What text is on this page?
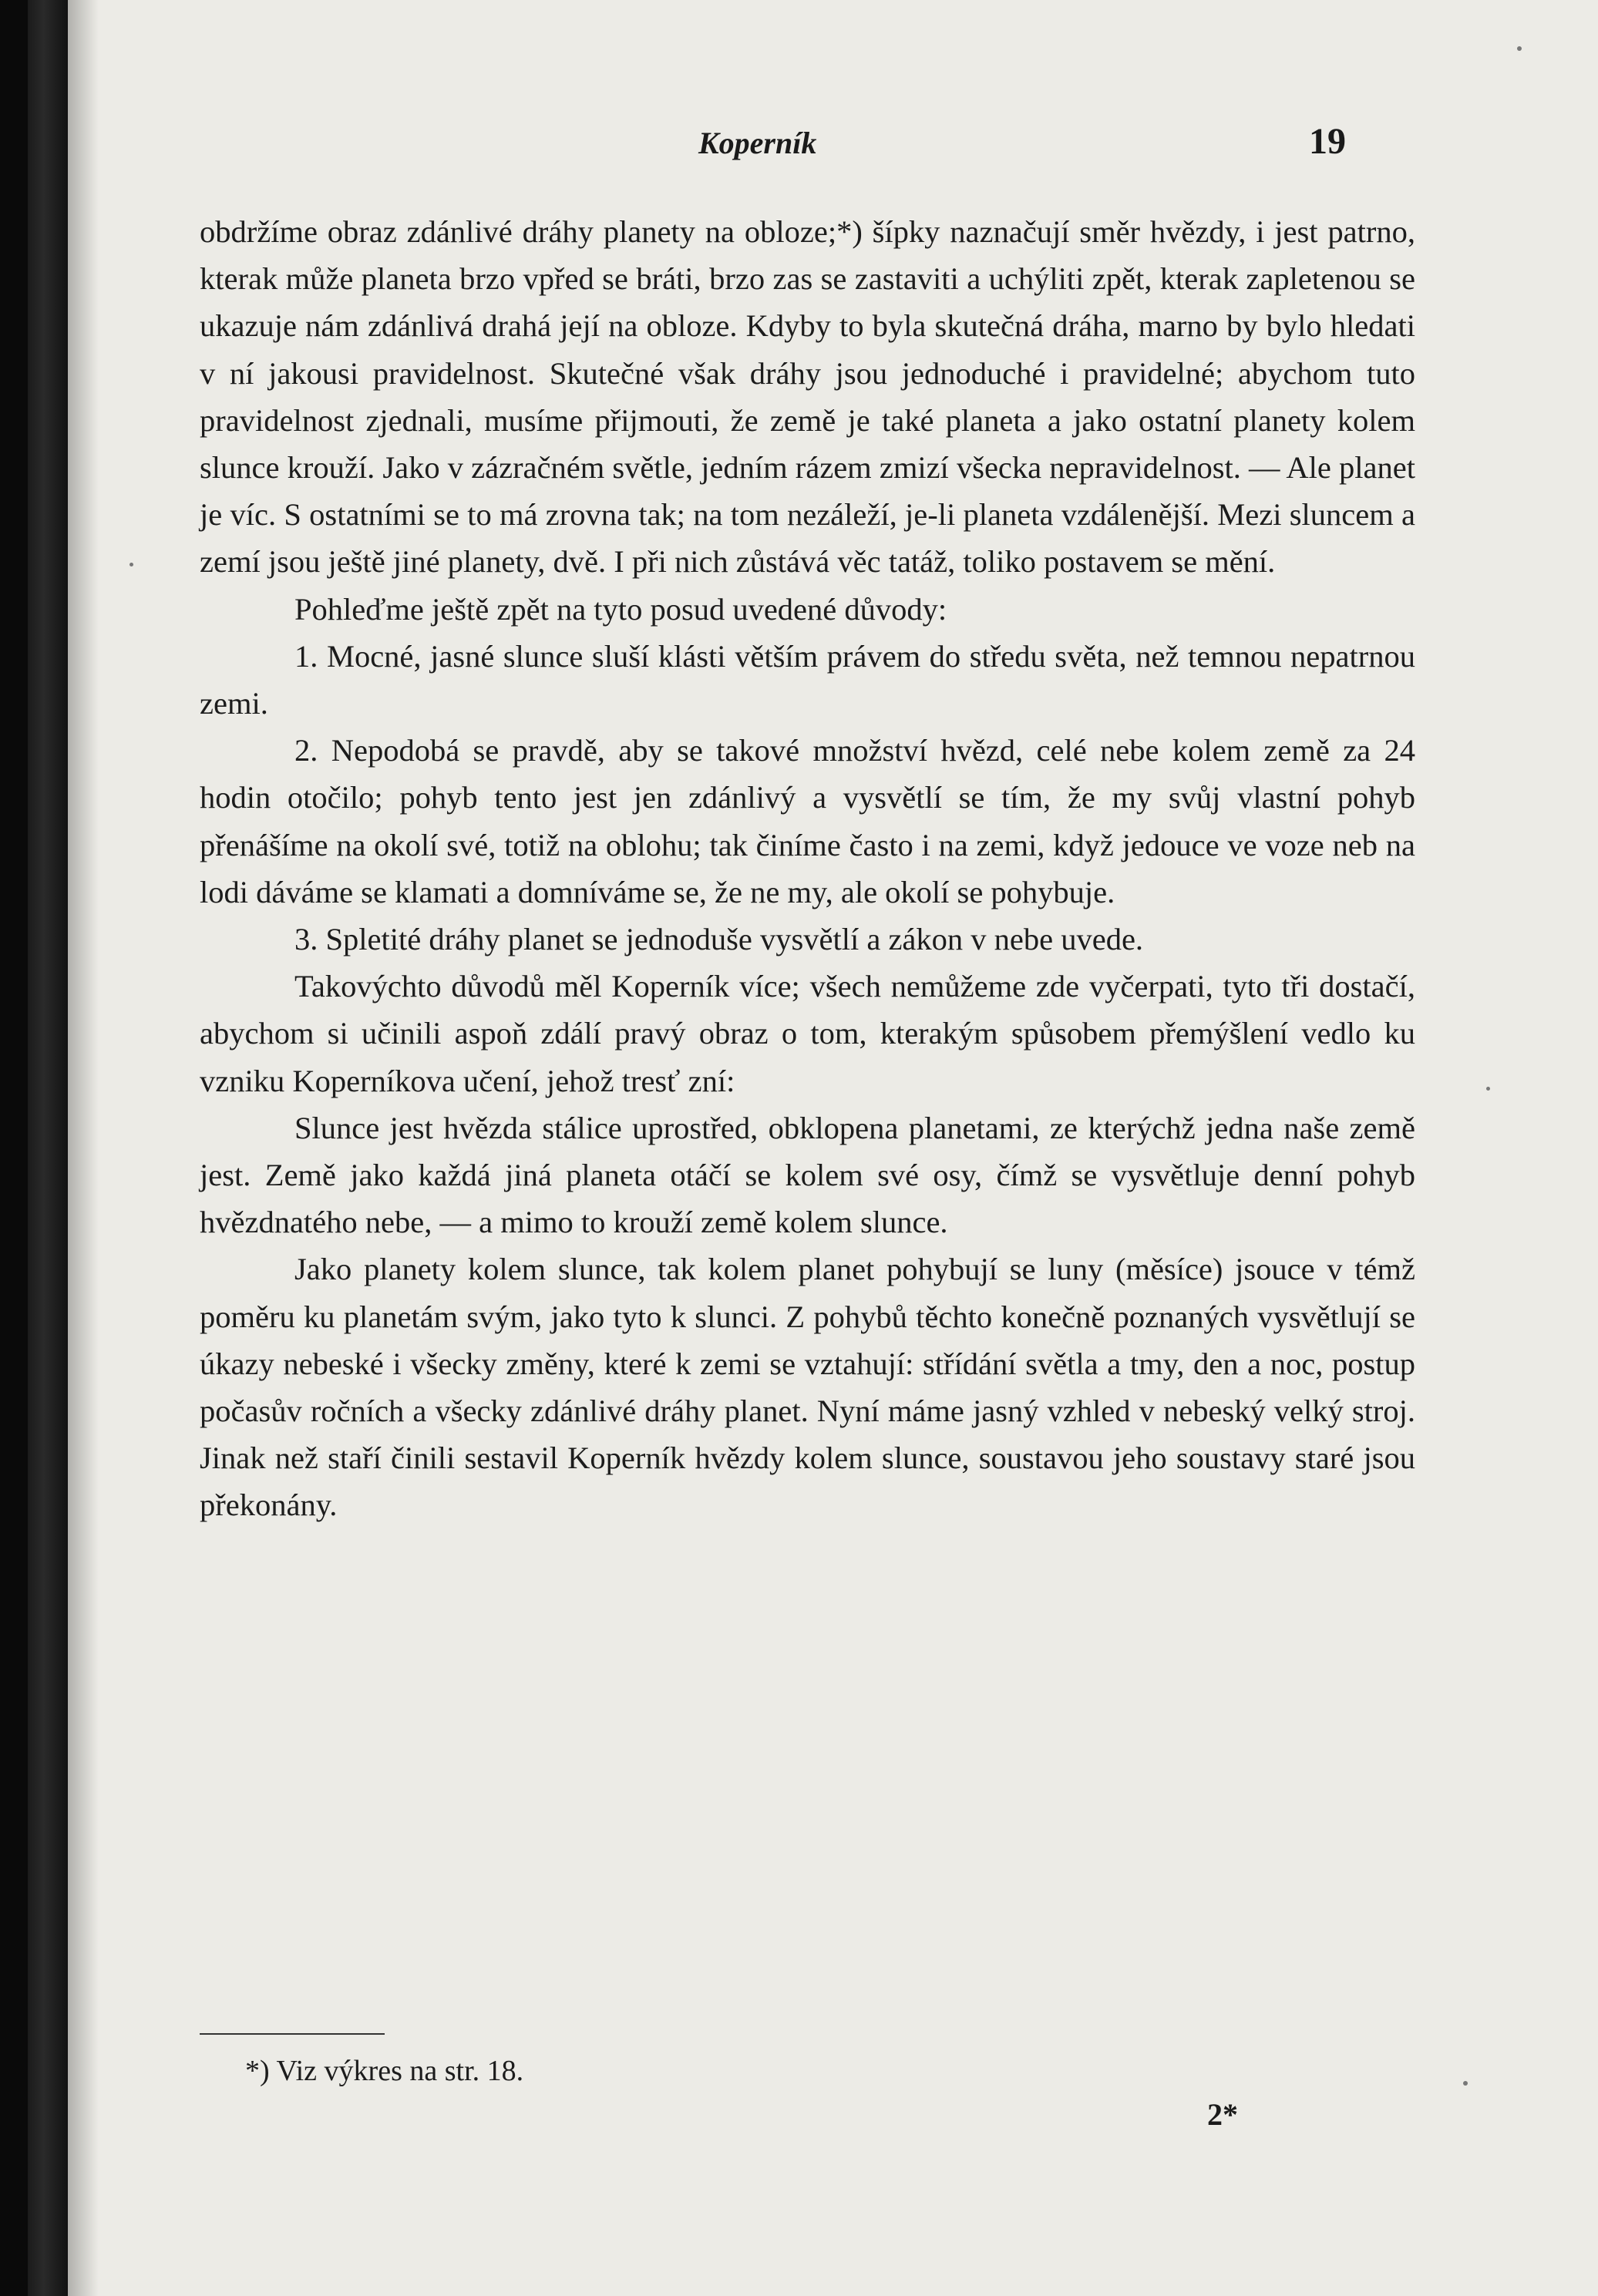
Koperník	19

obdržíme obraz zdánlivé dráhy planety na obloze;*) šípky naznačují směr hvězdy, i jest patrno, kterak může planeta brzo vpřed se bráti, brzo zas se zastaviti a uchýliti zpět, kterak zapletenou se ukazuje nám zdánlivá drahá její na obloze. Kdyby to byla skutečná dráha, marno by bylo hledati v ní jakousi pravidelnost. Skutečné však dráhy jsou jednoduché i pravidelné; abychom tuto pravidelnost zjednali, musíme přijmouti, že země je také planeta a jako ostatní planety kolem slunce krouží. Jako v zázračném světle, jedním rázem zmizí všecka nepravidelnost. — Ale planet je víc. S ostatními se to má zrovna tak; na tom nezáleží, je-li planeta vzdálenější. Mezi sluncem a zemí jsou ještě jiné planety, dvě. I při nich zůstává věc tatáž, toliko postavem se mění.

Pohleďme ještě zpět na tyto posud uvedené důvody:

1. Mocné, jasné slunce sluší klásti větším právem do středu světa, než temnou nepatrnou zemi.

2. Nepodobá se pravdě, aby se takové množství hvězd, celé nebe kolem země za 24 hodin otočilo; pohyb tento jest jen zdánlivý a vysvětlí se tím, že my svůj vlastní pohyb přenášíme na okolí své, totiž na oblohu; tak činíme často i na zemi, když jedouce ve voze neb na lodi dáváme se klamati a domníváme se, že ne my, ale okolí se pohybuje.

3. Spletité dráhy planet se jednoduše vysvětlí a zákon v nebe uvede.

Takovýchto důvodů měl Koperník více; všech nemůžeme zde vyčerpati, tyto tři dostačí, abychom si učinili aspoň zdálí pravý obraz o tom, kterakým spůsobem přemýšlení vedlo ku vzniku Koperníkova učení, jehož tresť zní:

Slunce jest hvězda stálice uprostřed, obklopena planetami, ze kterýchž jedna naše země jest. Země jako každá jiná planeta otáčí se kolem své osy, čímž se vysvětluje denní pohyb hvězdnatého nebe, — a mimo to krouží země kolem slunce.

Jako planety kolem slunce, tak kolem planet pohybují se luny (měsíce) jsouce v témž poměru ku planetám svým, jako tyto k slunci. Z pohybů těchto konečně poznaných vysvětlují se úkazy nebeské i všecky změny, které k zemi se vztahují: střídání světla a tmy, den a noc, postup počasův ročních a všecky zdánlivé dráhy planet. Nyní máme jasný vzhled v nebeský velký stroj. Jinak než staří činili sestavil Koperník hvězdy kolem slunce, soustavou jeho soustavy staré jsou překonány.

*) Viz výkres na str. 18.
2*
